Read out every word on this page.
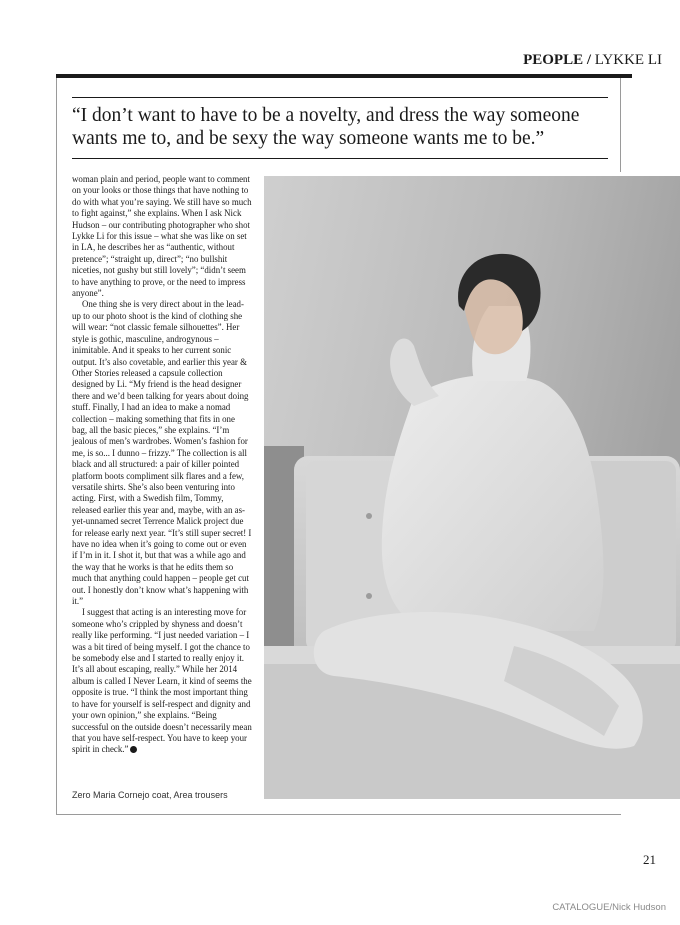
PEOPLE / LYKKE LI
“I don’t want to have to be a novelty, and dress the way someone wants me to, and be sexy the way someone wants me to be.”

woman plain and period, people want to comment on your looks or those things that have nothing to do with what you’re saying. We still have so much to fight against,” she explains. When I ask Nick Hudson – our contributing photographer who shot Lykke Li for this issue – what she was like on set in LA, he describes her as “authentic, without pretence”; “straight up, direct”; “no bullshit niceties, not gushy but still lovely”; “didn’t seem to have anything to prove, or the need to impress anyone”.

One thing she is very direct about in the lead-up to our photo shoot is the kind of clothing she will wear: “not classic female silhouettes”. Her style is gothic, masculine, androgynous – inimitable. And it speaks to her current sonic output. It’s also covetable, and earlier this year & Other Stories released a capsule collection designed by Li. “My friend is the head designer there and we’d been talking for years about doing stuff. Finally, I had an idea to make a nomad collection – making something that fits in one bag, all the basic pieces,” she explains. “I’m jealous of men’s wardrobes. Women’s fashion for me, is so... I dunno – frizzy.” The collection is all black and all structured: a pair of killer pointed platform boots compliment silk flares and a few, versatile shirts. She’s also been venturing into acting. First, with a Swedish film, Tommy, released earlier this year and, maybe, with an as-yet-unnamed secret Terrence Malick project due for release early next year. “It’s still super secret! I have no idea when it’s going to come out or even if I’m in it. I shot it, but that was a while ago and the way that he works is that he edits them so much that anything could happen – people get cut out. I honestly don’t know what’s happening with it.”

I suggest that acting is an interesting move for someone who’s crippled by shyness and doesn’t really like performing. “I just needed variation – I was a bit tired of being myself. I got the chance to be somebody else and I started to really enjoy it. It’s all about escaping, really.” While her 2014 album is called I Never Learn, it kind of seems the opposite is true. “I think the most important thing to have for yourself is self-respect and dignity and your own opinion,” she explains. “Being successful on the outside doesn’t necessarily mean that you have self-respect. You have to keep your spirit in check.”

Zero Maria Cornejo coat, Area trousers
21
CATALOGUE/Nick Hudson
